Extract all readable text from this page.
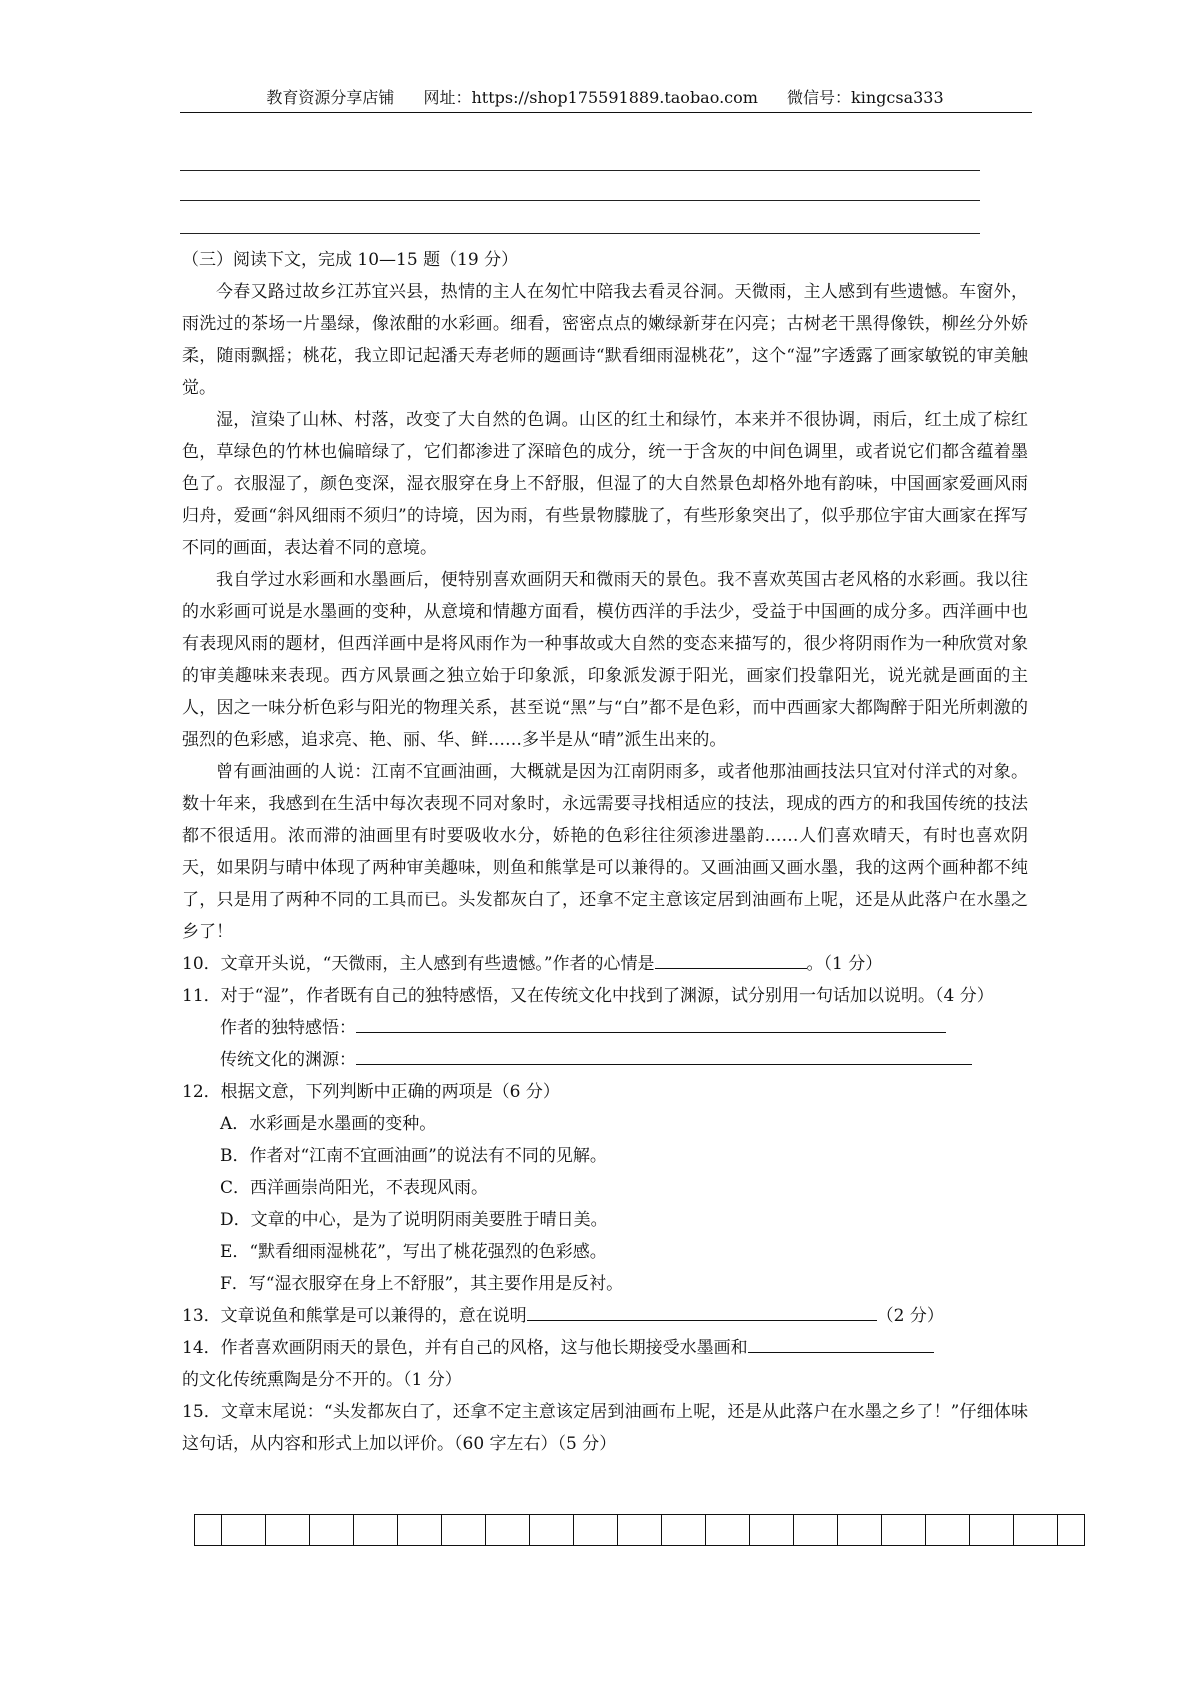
教育资源分享店铺 网址：https://shop175591889.taobao.com 微信号：kingcsa333

（三）阅读下文，完成 10—15 题（19 分）

今春又路过故乡江苏宜兴县，热情的主人在匆忙中陪我去看灵谷洞。天微雨，主人感到有些遗憾。车窗外，雨洗过的茶场一片墨绿，像浓酣的水彩画。细看，密密点点的嫩绿新芽在闪亮；古树老干黑得像铁，柳丝分外娇柔，随雨飘摇；桃花，我立即记起潘天寿老师的题画诗“默看细雨湿桃花”，这个“湿”字透露了画家敏锐的审美触觉。

湿，渲染了山林、村落，改变了大自然的色调。山区的红土和绿竹，本来并不很协调，雨后，红土成了棕红色，草绿色的竹林也偏暗绿了，它们都渗进了深暗色的成分，统一于含灰的中间色调里，或者说它们都含蕴着墨色了。衣服湿了，颜色变深，湿衣服穿在身上不舒服，但湿了的大自然景色却格外地有韵味，中国画家爱画风雨归舟，爱画“斜风细雨不须归”的诗境，因为雨，有些景物朦胧了，有些形象突出了，似乎那位宇宙大画家在挥写不同的画面，表达着不同的意境。

我自学过水彩画和水墨画后，便特别喜欢画阴天和微雨天的景色。我不喜欢英国古老风格的水彩画。我以往的水彩画可说是水墨画的变种，从意境和情趣方面看，模仿西洋的手法少，受益于中国画的成分多。西洋画中也有表现风雨的题材，但西洋画中是将风雨作为一种事故或大自然的变态来描写的，很少将阴雨作为一种欣赏对象的审美趣味来表现。西方风景画之独立始于印象派，印象派发源于阳光，画家们投靠阳光，说光就是画面的主人，因之一味分析色彩与阳光的物理关系，甚至说“黑”与“白”都不是色彩，而中西画家大都陶醉于阳光所刺激的强烈的色彩感，追求亮、艳、丽、华、鲜……多半是从“晴”派生出来的。

曾有画油画的人说：江南不宜画油画，大概就是因为江南阴雨多，或者他那油画技法只宜对付洋式的对象。数十年来，我感到在生活中每次表现不同对象时，永远需要寻找相适应的技法，现成的西方的和我国传统的技法都不很适用。浓而滞的油画里有时要吸收水分，娇艳的色彩往往须渗进墨韵……人们喜欢晴天，有时也喜欢阴天，如果阴与晴中体现了两种审美趣味，则鱼和熊掌是可以兼得的。又画油画又画水墨，我的这两个画种都不纯了，只是用了两种不同的工具而已。头发都灰白了，还拿不定主意该定居到油画布上呢，还是从此落户在水墨之乡了！

10．文章开头说，“天微雨，主人感到有些遗憾。”作者的心情是	。（1 分）

11．对于“湿”，作者既有自己的独特感悟，又在传统文化中找到了渊源，试分别用一句话加以说明。（4 分）

作者的独特感悟：

传统文化的渊源：

12．根据文意，下列判断中正确的两项是（6 分）

A．水彩画是水墨画的变种。

B．作者对“江南不宜画油画”的说法有不同的见解。

C．西洋画崇尚阳光，不表现风雨。

D．文章的中心，是为了说明阴雨美要胜于晴日美。

E．“默看细雨湿桃花”，写出了桃花强烈的色彩感。

F．写“湿衣服穿在身上不舒服”，其主要作用是反衬。

13．文章说鱼和熊掌是可以兼得的，意在说明	（2 分）

14．作者喜欢画阴雨天的景色，并有自己的风格，这与他长期接受水墨画和

的文化传统熏陶是分不开的。（1 分）

15．文章末尾说：“头发都灰白了，还拿不定主意该定居到油画布上呢，还是从此落户在水墨之乡了！”仔细体味这句话，从内容和形式上加以评价。（60 字左右）（5 分）
